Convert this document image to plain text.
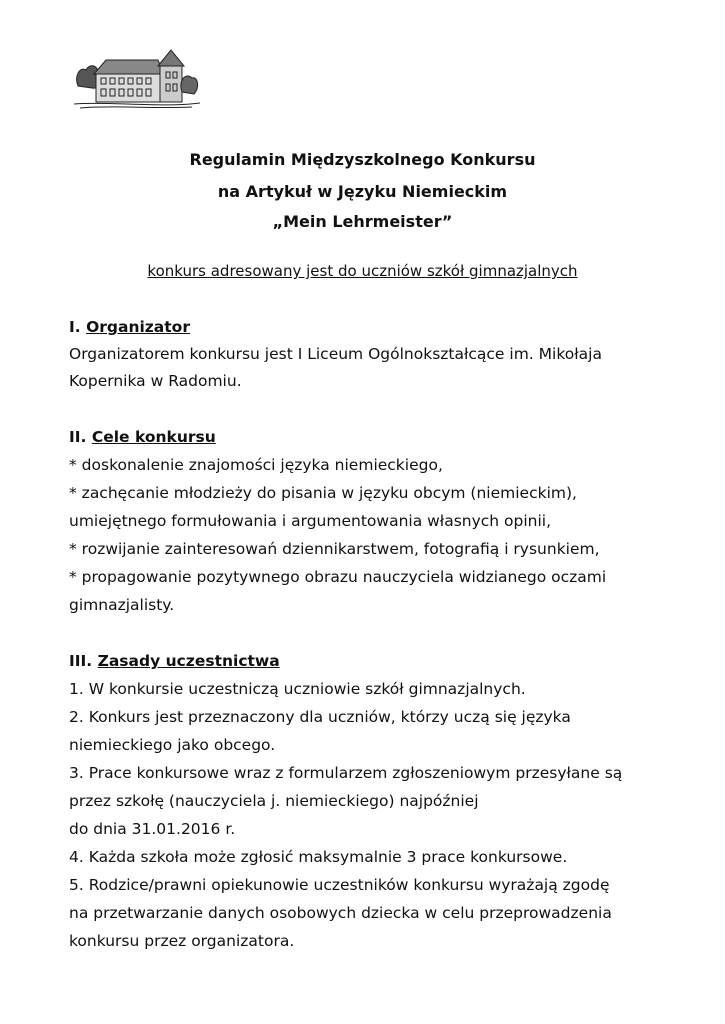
Regulamin Międzyszkolnego Konkursu
na Artykuł w Języku Niemieckim
„Mein Lehrmeister”
konkurs adresowany jest do uczniów szkół gimnazjalnych
I. Organizator
Organizatorem konkursu jest I Liceum Ogólnokształcące im. Mikołaja
Kopernika w Radomiu.
II. Cele konkursu
* doskonalenie znajomości języka niemieckiego,
* zachęcanie młodzieży do pisania w języku obcym (niemieckim),
umiejętnego formułowania i argumentowania własnych opinii,
* rozwijanie zainteresowań dziennikarstwem, fotografią i rysunkiem,
* propagowanie pozytywnego obrazu nauczyciela widzianego oczami
gimnazjalisty.
III. Zasady uczestnictwa
1. W konkursie uczestniczą uczniowie szkół gimnazjalnych.
2. Konkurs jest przeznaczony dla uczniów, którzy uczą się języka
niemieckiego jako obcego.
3. Prace konkursowe wraz z formularzem zgłoszeniowym przesyłane są
przez szkołę (nauczyciela j. niemieckiego) najpóźniej
do dnia 31.01.2016 r.
4. Każda szkoła może zgłosić maksymalnie 3 prace konkursowe.
5. Rodzice/prawni opiekunowie uczestników konkursu wyrażają zgodę
na przetwarzanie danych osobowych dziecka w celu przeprowadzenia
konkursu przez organizatora.
